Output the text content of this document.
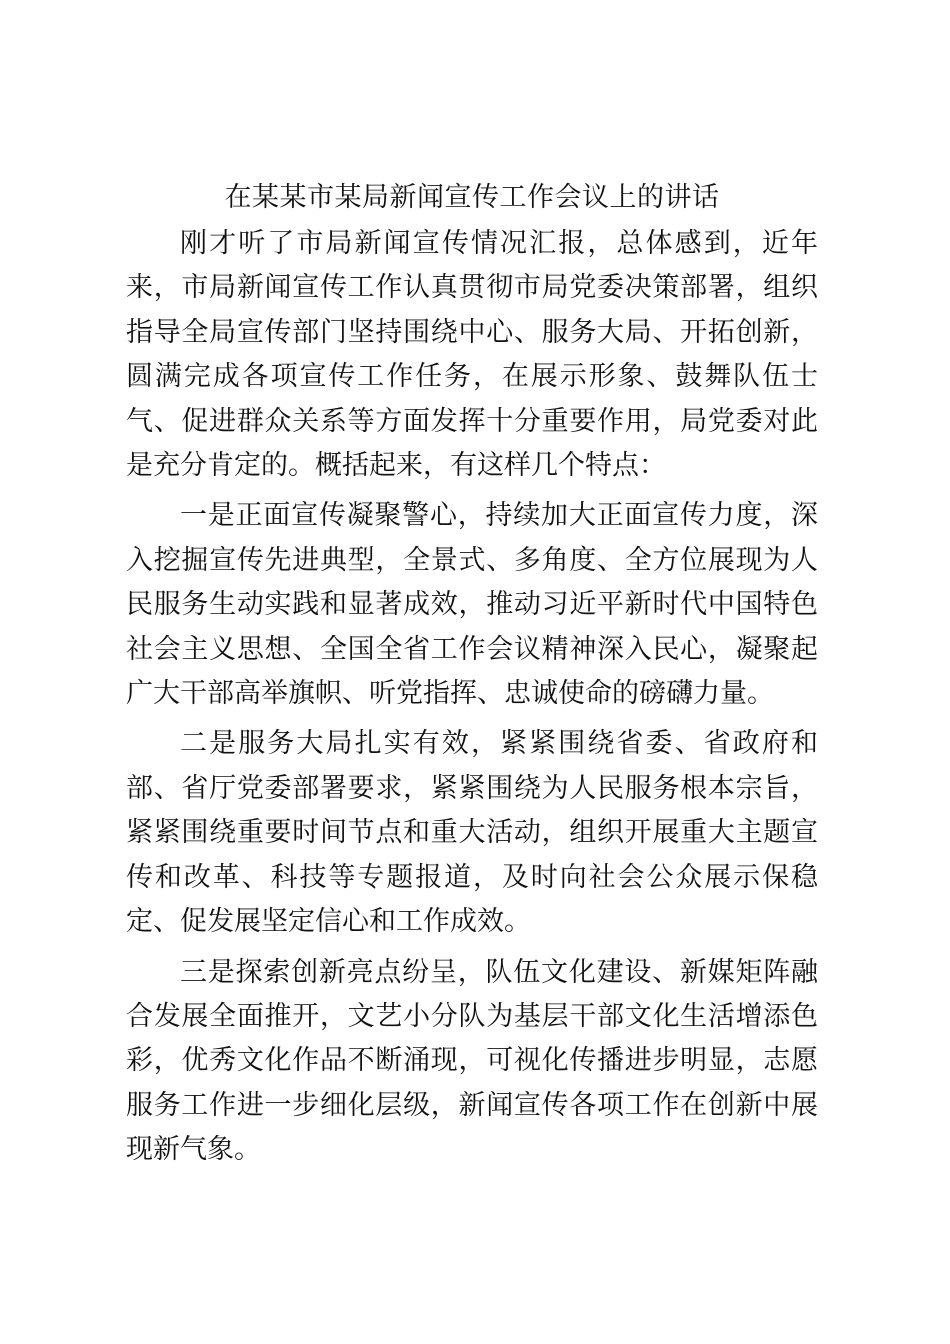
在某某市某局新闻宣传工作会议上的讲话

刚才听了市局新闻宣传情况汇报，总体感到，近年来，市局新闻宣传工作认真贯彻市局党委决策部署，组织指导全局宣传部门坚持围绕中心、服务大局、开拓创新，圆满完成各项宣传工作任务，在展示形象、鼓舞队伍士气、促进群众关系等方面发挥十分重要作用，局党委对此是充分肯定的。概括起来，有这样几个特点：

一是正面宣传凝聚警心，持续加大正面宣传力度，深入挖掘宣传先进典型，全景式、多角度、全方位展现为人民服务生动实践和显著成效，推动习近平新时代中国特色社会主义思想、全国全省工作会议精神深入民心，凝聚起广大干部高举旗帜、听党指挥、忠诚使命的磅礴力量。

二是服务大局扎实有效，紧紧围绕省委、省政府和部、省厅党委部署要求，紧紧围绕为人民服务根本宗旨，紧紧围绕重要时间节点和重大活动，组织开展重大主题宣传和改革、科技等专题报道，及时向社会公众展示保稳定、促发展坚定信心和工作成效。

三是探索创新亮点纷呈，队伍文化建设、新媒矩阵融合发展全面推开，文艺小分队为基层干部文化生活增添色彩，优秀文化作品不断涌现，可视化传播进步明显，志愿服务工作进一步细化层级，新闻宣传各项工作在创新中展现新气象。
